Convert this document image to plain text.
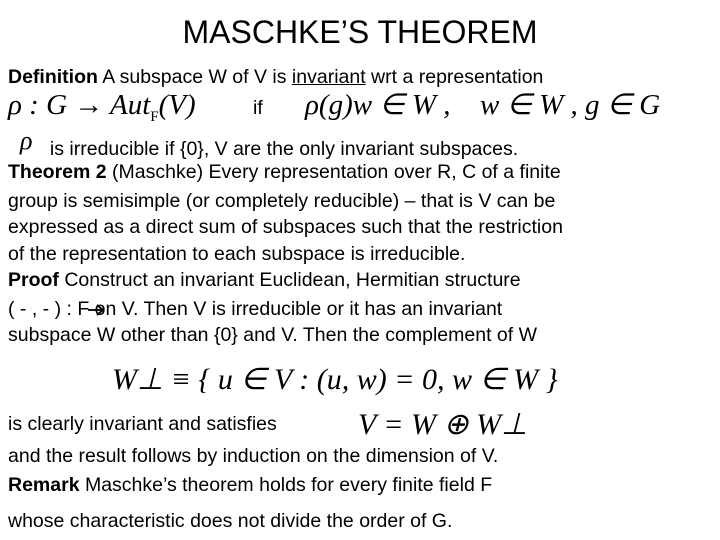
MASCHKE’S THEOREM
Definition A subspace W of V is invariant wrt a representation
ρ : G → Aut$_F$(V)	if ρ(g)w ∈ W , w ∈ W , g ∈ G
ρ is irreducible if {0}, V are the only invariant subspaces.
Theorem 2 (Maschke) Every representation over R, C of a finite
group is semisimple (or completely reducible) – that is V can be
expressed as a direct sum of subspaces such that the restriction
of the representation to each subspace is irreducible.
Proof Construct an invariant Euclidean, Hermitian structure
( - , - ) : F on V. Then V is irreducible or it has an invariant
subspace W other than {0} and V. Then the complement of W
W⊥ ≡ { u ∈ V : (u, w) = 0, w ∈ W }
is clearly invariant and satisfies	V = W ⊕ W⊥
and the result follows by induction on the dimension of V.
Remark Maschke’s theorem holds for every finite field F
whose characteristic does not divide the order of G.
